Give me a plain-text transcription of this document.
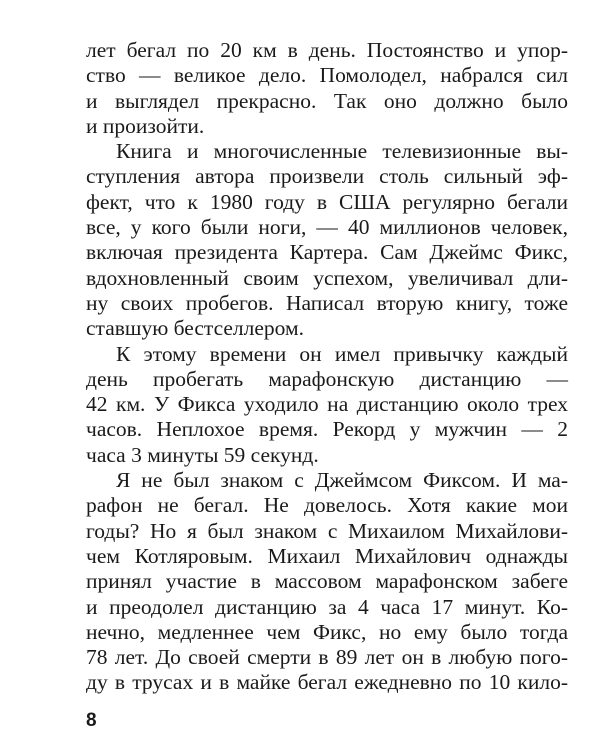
лет бегал по 20 км в день. Постоянство и упор-
ство — великое дело. Помолодел, набрался сил
и выглядел прекрасно. Так оно должно было
и произойти.
Книга и многочисленные телевизионные вы-
ступления автора произвели столь сильный эф-
фект, что к 1980 году в США регулярно бегали
все, у кого были ноги, — 40 миллионов человек,
включая президента Картера. Сам Джеймс Фикс,
вдохновленный своим успехом, увеличивал дли-
ну своих пробегов. Написал вторую книгу, тоже
ставшую бестселлером.
К этому времени он имел привычку каждый
день пробегать марафонскую дистанцию —
42 км. У Фикса уходило на дистанцию около трех
часов. Неплохое время. Рекорд у мужчин — 2
часа 3 минуты 59 секунд.
Я не был знаком с Джеймсом Фиксом. И ма-
рафон не бегал. Не довелось. Хотя какие мои
годы? Но я был знаком с Михаилом Михайлови-
чем Котляровым. Михаил Михайлович однажды
принял участие в массовом марафонском забеге
и преодолел дистанцию за 4 часа 17 минут. Ко-
нечно, медленнее чем Фикс, но ему было тогда
78 лет. До своей смерти в 89 лет он в любую пого-
ду в трусах и в майке бегал ежедневно по 10 кило-
8
